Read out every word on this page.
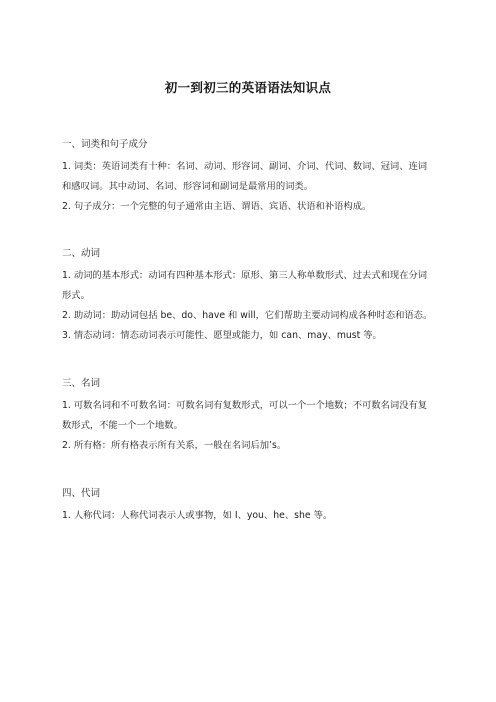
初一到初三的英语语法知识点

一、词类和句子成分

1. 词类：英语词类有十种：名词、动词、形容词、副词、介词、代词、数词、冠词、连词和感叹词。其中动词、名词、形容词和副词是最常用的词类。

2. 句子成分：一个完整的句子通常由主语、谓语、宾语、状语和补语构成。

二、动词

1. 动词的基本形式：动词有四种基本形式：原形、第三人称单数形式、过去式和现在分词形式。

2. 助动词：助动词包括 be、do、have 和 will，它们帮助主要动词构成各种时态和语态。

3. 情态动词：情态动词表示可能性、愿望或能力，如 can、may、must 等。

三、名词

1. 可数名词和不可数名词：可数名词有复数形式，可以一个一个地数；不可数名词没有复数形式，不能一个一个地数。

2. 所有格：所有格表示所有关系，一般在名词后加’s。

四、代词

1. 人称代词：人称代词表示人或事物，如 I、you、he、she 等。
